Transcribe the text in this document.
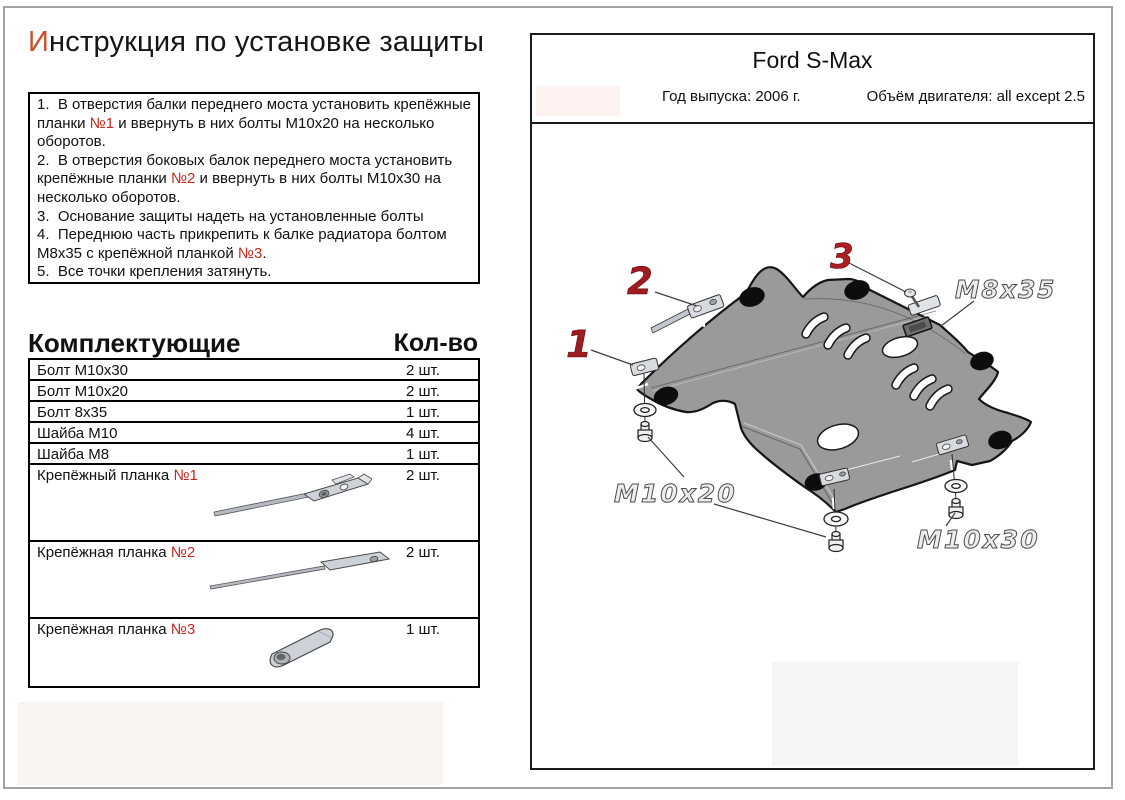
Инструкция по установке защиты
1.  В отверстия балки переднего моста установить крепёжные планки №1 и ввернуть в них болты М10х20 на несколько оборотов.
2.  В отверстия боковых балок переднего моста установить крепёжные планки №2 и ввернуть в них болты М10х30 на несколько оборотов.
3.  Основание защиты надеть на установленные болты
4.  Переднюю часть прикрепить к балке радиатора болтом М8х35 с крепёжной планкой №3.
5.  Все точки крепления затянуть.
Комплектующие	Кол-во
Болт М10х30	2 шт.
Болт М10х20	2 шт.
Болт 8х35	1 шт.
Шайба М10	4 шт.
Шайба М8	1 шт.
Крепёжный планка №1	2 шт.
Крепёжная планка №2	2 шт.
Крепёжная планка №3	1 шт.
Ford S-Max
Год выпуска: 2006 г.	Объём двигателя: all except 2.5
1
2
3
М8х35
М10х20
М10х30
